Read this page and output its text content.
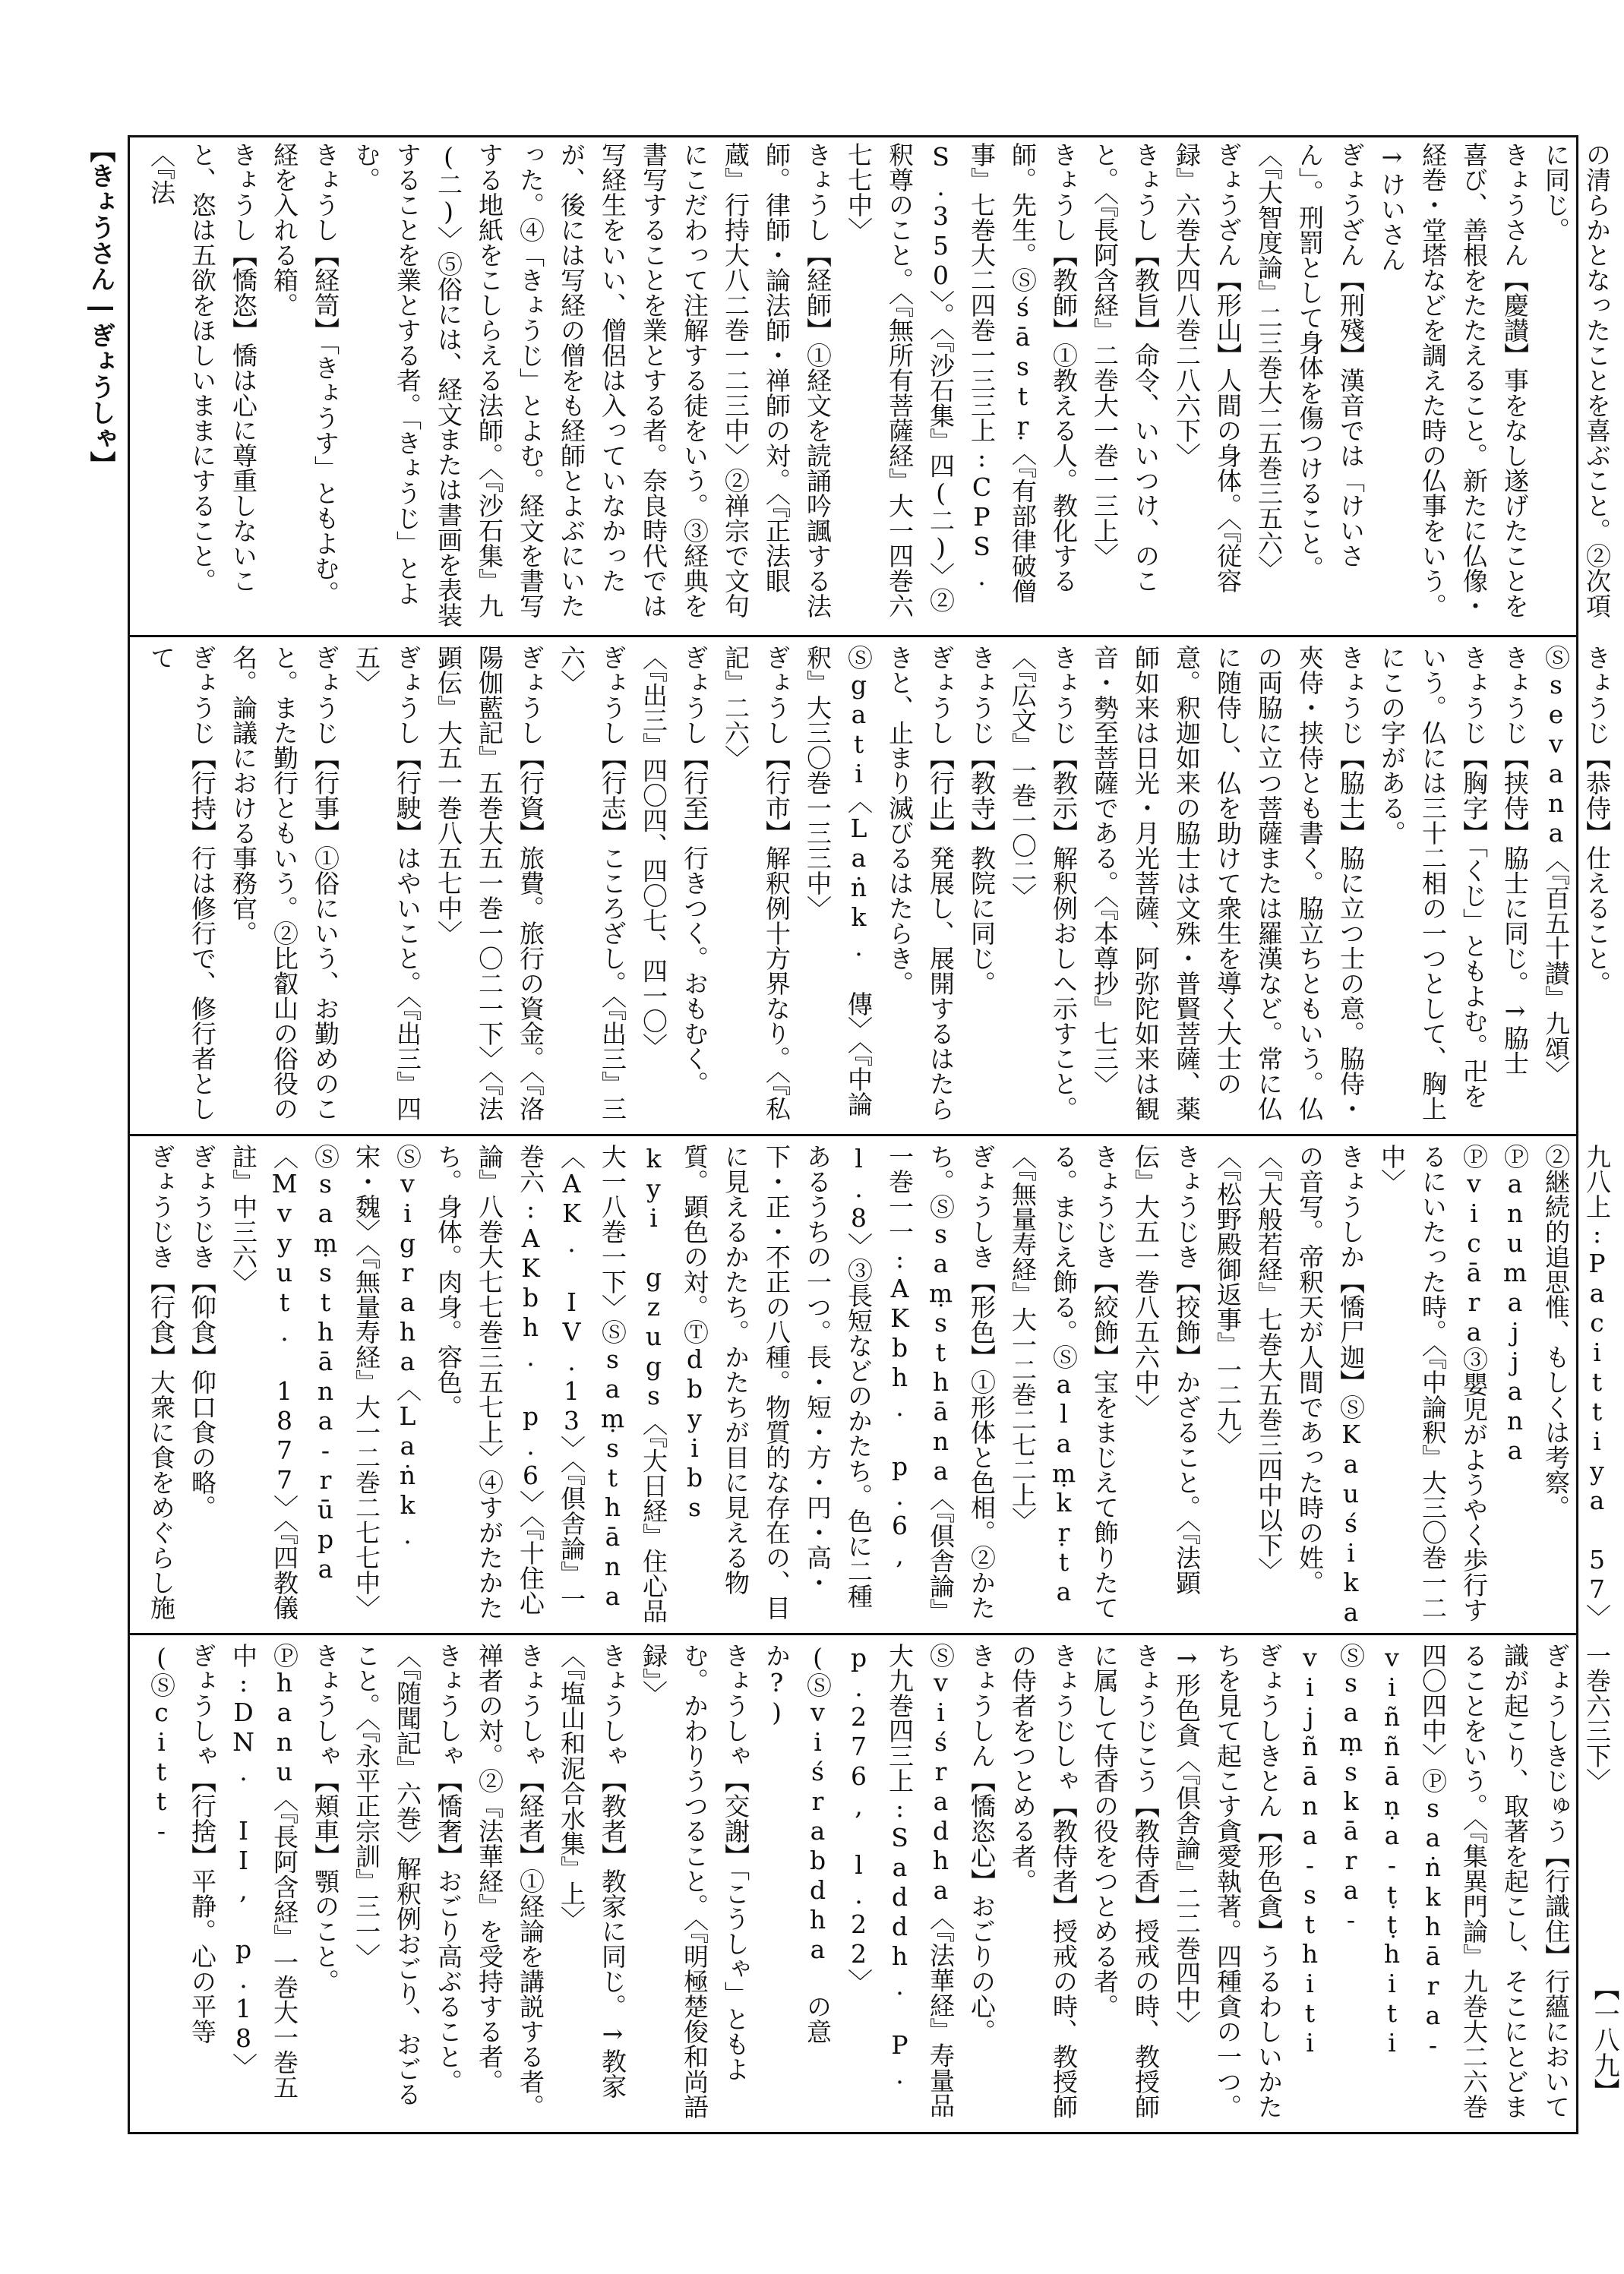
【きょうさん―ぎょうしゃ】	
の清らかとなったことを喜ぶこと。②次項に同じ。
きょうさん【慶讃】事をなし遂げたことを喜び、善根をたたえること。新たに仏像・経巻・堂塔などを調えた時の仏事をいう。
→けいさん
ぎょうざん【刑殘】漢音では「けいさん」。刑罰として身体を傷つけること。〈『大智度論』二三巻大二五巻三五六〉
ぎょうざん【形山】人間の身体。〈『従容録』六巻大四八巻二八六下〉
きょうし【教旨】命令、いいつけ、のこと。〈『長阿含経』二巻大一巻一三上〉
きょうし【教師】①教える人。教化する師。先生。Ⓢśāstṛ〈『有部律破僧事』七巻大二四巻一三三上:CPS. S.350〉。〈『沙石集』四(二)〉②釈尊のこと。〈『無所有菩薩経』大一四巻六七七中〉
きょうし【経師】①経文を読誦吟諷する法師。律師・論法師・禅師の対。〈『正法眼蔵』行持大八二巻一二三中〉②禅宗で文句にこだわって注解する徒をいう。③経典を書写することを業とする者。奈良時代では写経生をいい、僧侶は入っていなかったが、後には写経の僧をも経師とよぶにいたった。④「きょうじ」とよむ。経文を書写する地紙をこしらえる法師。〈『沙石集』九(二)〉⑤俗には、経文または書画を表装することを業とする者。「きょうじ」とよむ。
きょうし【経笥】「きょうす」ともよむ。経を入れる箱。
きょうし【憍恣】憍は心に尊重しないこと、恣は五欲をほしいままにすること。〈『法

きょうじ【恭侍】仕えること。Ⓢsevana〈『百五十讃』九頌〉
きょうじ【挟侍】脇士に同じ。→脇士
きょうじ【胸字】「くじ」ともよむ。卍をいう。仏には三十二相の一つとして、胸上にこの字がある。
きょうじ【脇士】脇に立つ士の意。脇侍・夾侍・挟侍とも書く。脇立ちともいう。仏の両脇に立つ菩薩または羅漢など。常に仏に随侍し、仏を助けて衆生を導く大士の意。釈迦如来の脇士は文殊・普賢菩薩、薬師如来は日光・月光菩薩、阿弥陀如来は観音・勢至菩薩である。〈『本尊抄』七三〉
きょうじ【教示】解釈例おしへ示すこと。〈『広文』一巻一〇二〉
きょうじ【教寺】教院に同じ。
ぎょうし【行止】発展し、展開するはたらきと、止まり滅びるはたらき。Ⓢgati〈Laṅk. 傳〉〈『中論釈』大三〇巻一三三中〉
ぎょうし【行市】解釈例十方界なり。〈『私記』二六〉
ぎょうし【行至】行きつく。おもむく。〈『出三』四〇四、四〇七、四一〇〉
ぎょうし【行志】こころざし。〈『出三』三六〉
ぎょうし【行資】旅費。旅行の資金。〈『洛陽伽藍記』五巻大五一巻一〇二一下〉〈『法顕伝』大五一巻八五七中〉
ぎょうし【行駛】はやいこと。〈『出三』四五〉
ぎょうじ【行事】①俗にいう、お勤めのこと。また勤行ともいう。②比叡山の俗役の名。論議における事務官。
ぎょうじ【行持】行は修行で、修行者として

九八上:Pacittiya 57〉②継続的追思惟、もしくは考察。Ⓟanumajjana Ⓟvicāra③嬰児がようやく歩行するにいたった時。〈『中論釈』大三〇巻一二中〉
きょうしか【憍尸迦】ⓈKauśika の音写。帝釈天が人間であった時の姓。〈『大般若経』七巻大五巻三四中以下〉〈『松野殿御返事』一二九〉
きょうじき【挍飾】かざること。〈『法顕伝』大五一巻八五六中〉
きょうじき【絞飾】宝をまじえて飾りたてる。まじえ飾る。Ⓢalaṃkṛta〈『無量寿経』大一二巻二七二上〉
ぎょうしき【形色】①形体と色相。②かたち。Ⓢsaṃsthāna〈『倶舎論』一巻一一:AKbh. p.6, l.8〉③長短などのかたち。色に二種あるうちの一つ。長・短・方・円・高・下・正・不正の八種。物質的な存在の、目に見えるかたち。かたちが目に見える物質。顕色の対。Ⓣdbyibs kyi gzugs〈『大日経』住心品大一八巻一下〉Ⓢsaṃsthāna〈AK. IV.13〉〈『倶舎論』一巻六:AKbh. p.6〉〈『十住心論』八巻大七七巻三五七上〉④すがたかたち。身体。肉身。容色。Ⓢvigraha〈Laṅk. 宋・魏〉〈『無量寿経』大一二巻二七七中〉Ⓢsaṃsthāna-rūpa〈Mvyut. 1877〉〈『四教儀註』中三六〉
ぎょうじき【仰食】仰口食の略。
ぎょうじき【行食】大衆に食をめぐらし施

一巻六三下〉
ぎょうしきじゅう【行識住】行蘊において識が起こり、取著を起こし、そこにとどまることをいう。〈『集異門論』九巻大二六巻四〇四中〉Ⓟsaṅkhāra-viññāṇa-ṭṭhiti Ⓢsaṃskāra-vijñāna-sthiti
ぎょうしきとん【形色貪】うるわしいかたちを見て起こす貪愛執著。四種貪の一つ。→形色貪〈『倶舎論』二二巻四中〉
きょうじこう【教侍香】授戒の時、教授師に属して侍香の役をつとめる者。
きょうじしゃ【教侍者】授戒の時、教授師の侍者をつとめる者。
きょうしん【憍恣心】おごりの心。Ⓢviśradha〈『法華経』寿量品大九巻四三上:Saddh. P. p.276, l.22〉(Ⓢviśrabdha の意か?)
きょうしゃ【交謝】「こうしゃ」ともよむ。かわりうつること。〈『明極楚俊和尚語録』〉
きょうしゃ【教者】教家に同じ。→教家〈『塩山和泥合水集』上〉
きょうしゃ【経者】①経論を講説する者。禅者の対。②『法華経』を受持する者。
きょうしゃ【憍奢】おごり高ぶること。〈『随聞記』六巻〉解釈例おごり、おごること。〈『永平正宗訓』三一〉
きょうしゃ【頬車】顎のこと。Ⓟhanu〈『長阿含経』一巻大一巻五中:DN. II, p.18〉
ぎょうしゃ【行捨】平静。心の平等(Ⓢcitt-
【一八九】
